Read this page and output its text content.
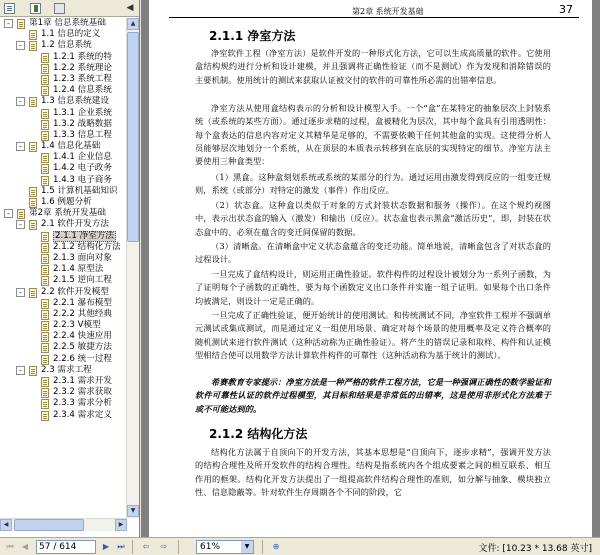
◀
-	第1章 信息系统基础
1.1 信息的定义
-	1.2 信息系统
1.2.1 系统的特
1.2.2 系统理论
1.2.3 系统工程
1.2.4 信息系统
-	1.3 信息系统建设
1.3.1 企业系统
1.3.2 战略数据
1.3.3 信息工程
-	1.4 信息化基础
1.4.1 企业信息
1.4.2 电子政务
1.4.3 电子商务
1.5 计算机基础知识
1.6 例题分析
-	第2章 系统开发基础
-	2.1 软件开发方法
2.1.1 净室方法
2.1.2 结构化方法
2.1.3 面向对象
2.1.4 原型法
2.1.5 逆向工程
-	2.2 软件开发模型
2.2.1 瀑布模型
2.2.2 其他经典
2.2.3 V模型
2.2.4 快速应用
2.2.5 敏捷方法
2.2.6 统一过程
-	2.3 需求工程
2.3.1 需求开发
2.3.2 需求获取
2.3.3 需求分析
2.3.4 需求定义
▲
▼
◀	▶
第2章 系统开发基础	37
2.1.1 净室方法
净室软件工程（净室方法）是软件开发的一种形式化方法，它可以生成高质量的软件。它使用盒结构规约进行分析和设计建模，并且强调将正确性验证（而不是测试）作为发现和消除错误的主要机制。使用统计的测试来获取认证被交付的软件的可靠性所必需的出错率信息。
净室方法从使用盒结构表示的分析和设计模型入手。一个“盒”在某特定的抽象层次上封装系统（或系统的某些方面）。通过逐步求精的过程，盒被精化为层次，其中每个盒具有引用透明性：每个盒表达的信息内容对定义其精华是足够的，不需要依赖于任何其他盒的实现。这使得分析人员能够层次地划分一个系统，从在顶层的本质表示转移到在底层的实现特定的细节。净室方法主要使用三种盒类型：
（1）黑盒。这种盒刻划系统或系统的某部分的行为。通过运用由激发得到反应的一组变迁规则，系统（或部分）对特定的激发（事件）作出反应。
（2）状态盒。这种盒以类似于对象的方式封装状态数据和服务（操作）。在这个规约视图中，表示出状态盒的输入（激发）和输出（反应）。状态盒也表示黑盒“激活历史”，即，封装在状态盒中的、必须在蕴含的变迁间保留的数据。
（3）清晰盒。在清晰盒中定义状态盒蕴含的变迁功能。简单地说，清晰盒包含了对状态盒的过程设计。
一旦完成了盒结构设计，则运用正确性验证。软件构件的过程设计被划分为一系列子函数，为了证明每个子函数的正确性，要为每个函数定义出口条件并实施一组子证明。如果每个出口条件均被满足，则设计一定是正确的。
一旦完成了正确性验证，便开始统计的使用测试。和传统测试不同，净室软件工程并不强调单元测试或集成测试，而是通过定义一组使用场景、确定对每个场景的使用概率及定义符合概率的随机测试来进行软件测试（这种活动称为正确性验证）。将产生的错误记录和取样、构件和认证模型相结合使可以用数学方法计算软件构件的可靠性（这种活动称为基于统计的测试）。
希赛教育专家提示：净室方法是一种严格的软件工程方法，它是一种强调正确性的数学验证和软件可靠性认证的软件过程模型，其目标和结果是非常低的出错率，这是使用非形式化方法难于或不可能达到的。
2.1.2 结构化方法
结构化方法属于自顶向下的开发方法，其基本思想是“自顶向下，逐步求精”，强调开发方法的结构合理性及所开发软件的结构合理性。结构是指系统内各个组成要素之间的相互联系、相互作用的框架。结构化开发方法提出了一组提高软件结构合理性的准则，如分解与抽象、模块独立性、信息隐蔽等。针对软件生存周期各个不同的阶段，它
⏮	◀	57 / 614	▶	⏭	⇦	⇨	61%	▼	⊕	文件: [10.23 * 13.68 英寸]
